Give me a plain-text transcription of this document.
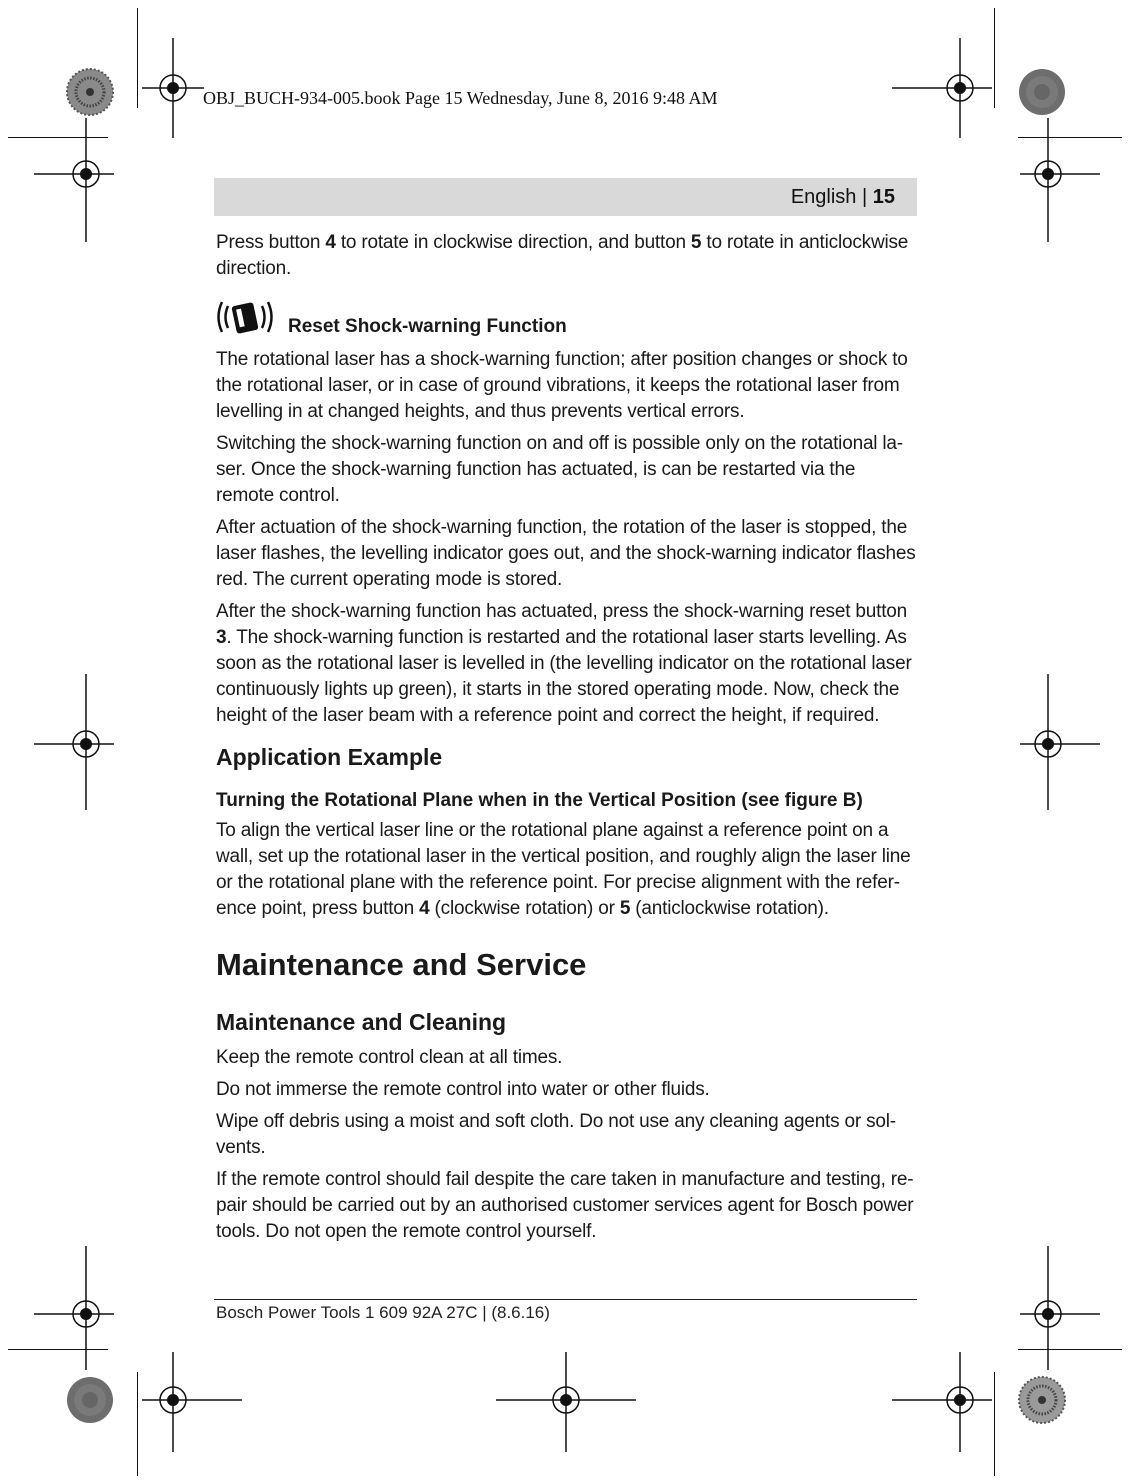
OBJ_BUCH-934-005.book Page 15 Wednesday, June 8, 2016 9:48 AM
English | 15

Press button 4 to rotate in clockwise direction, and button 5 to rotate in anticlockwise direction.

Reset Shock-warning Function

The rotational laser has a shock-warning function; after position changes or shock to the rotational laser, or in case of ground vibrations, it keeps the rotational laser from levelling in at changed heights, and thus prevents vertical errors.

Switching the shock-warning function on and off is possible only on the rotational la-ser. Once the shock-warning function has actuated, is can be restarted via the remote control.

After actuation of the shock-warning function, the rotation of the laser is stopped, the laser flashes, the levelling indicator goes out, and the shock-warning indicator flashes red. The current operating mode is stored.

After the shock-warning function has actuated, press the shock-warning reset button 3. The shock-warning function is restarted and the rotational laser starts levelling. As soon as the rotational laser is levelled in (the levelling indicator on the rotational laser continuously lights up green), it starts in the stored operating mode. Now, check the height of the laser beam with a reference point and correct the height, if required.

Application Example
Turning the Rotational Plane when in the Vertical Position (see figure B)

To align the vertical laser line or the rotational plane against a reference point on a wall, set up the rotational laser in the vertical position, and roughly align the laser line or the rotational plane with the reference point. For precise alignment with the refer-ence point, press button 4 (clockwise rotation) or 5 (anticlockwise rotation).

Maintenance and Service
Maintenance and Cleaning

Keep the remote control clean at all times.

Do not immerse the remote control into water or other fluids.

Wipe off debris using a moist and soft cloth. Do not use any cleaning agents or sol-vents.

If the remote control should fail despite the care taken in manufacture and testing, re-pair should be carried out by an authorised customer services agent for Bosch power tools. Do not open the remote control yourself.

Bosch Power Tools 1 609 92A 27C | (8.6.16)
